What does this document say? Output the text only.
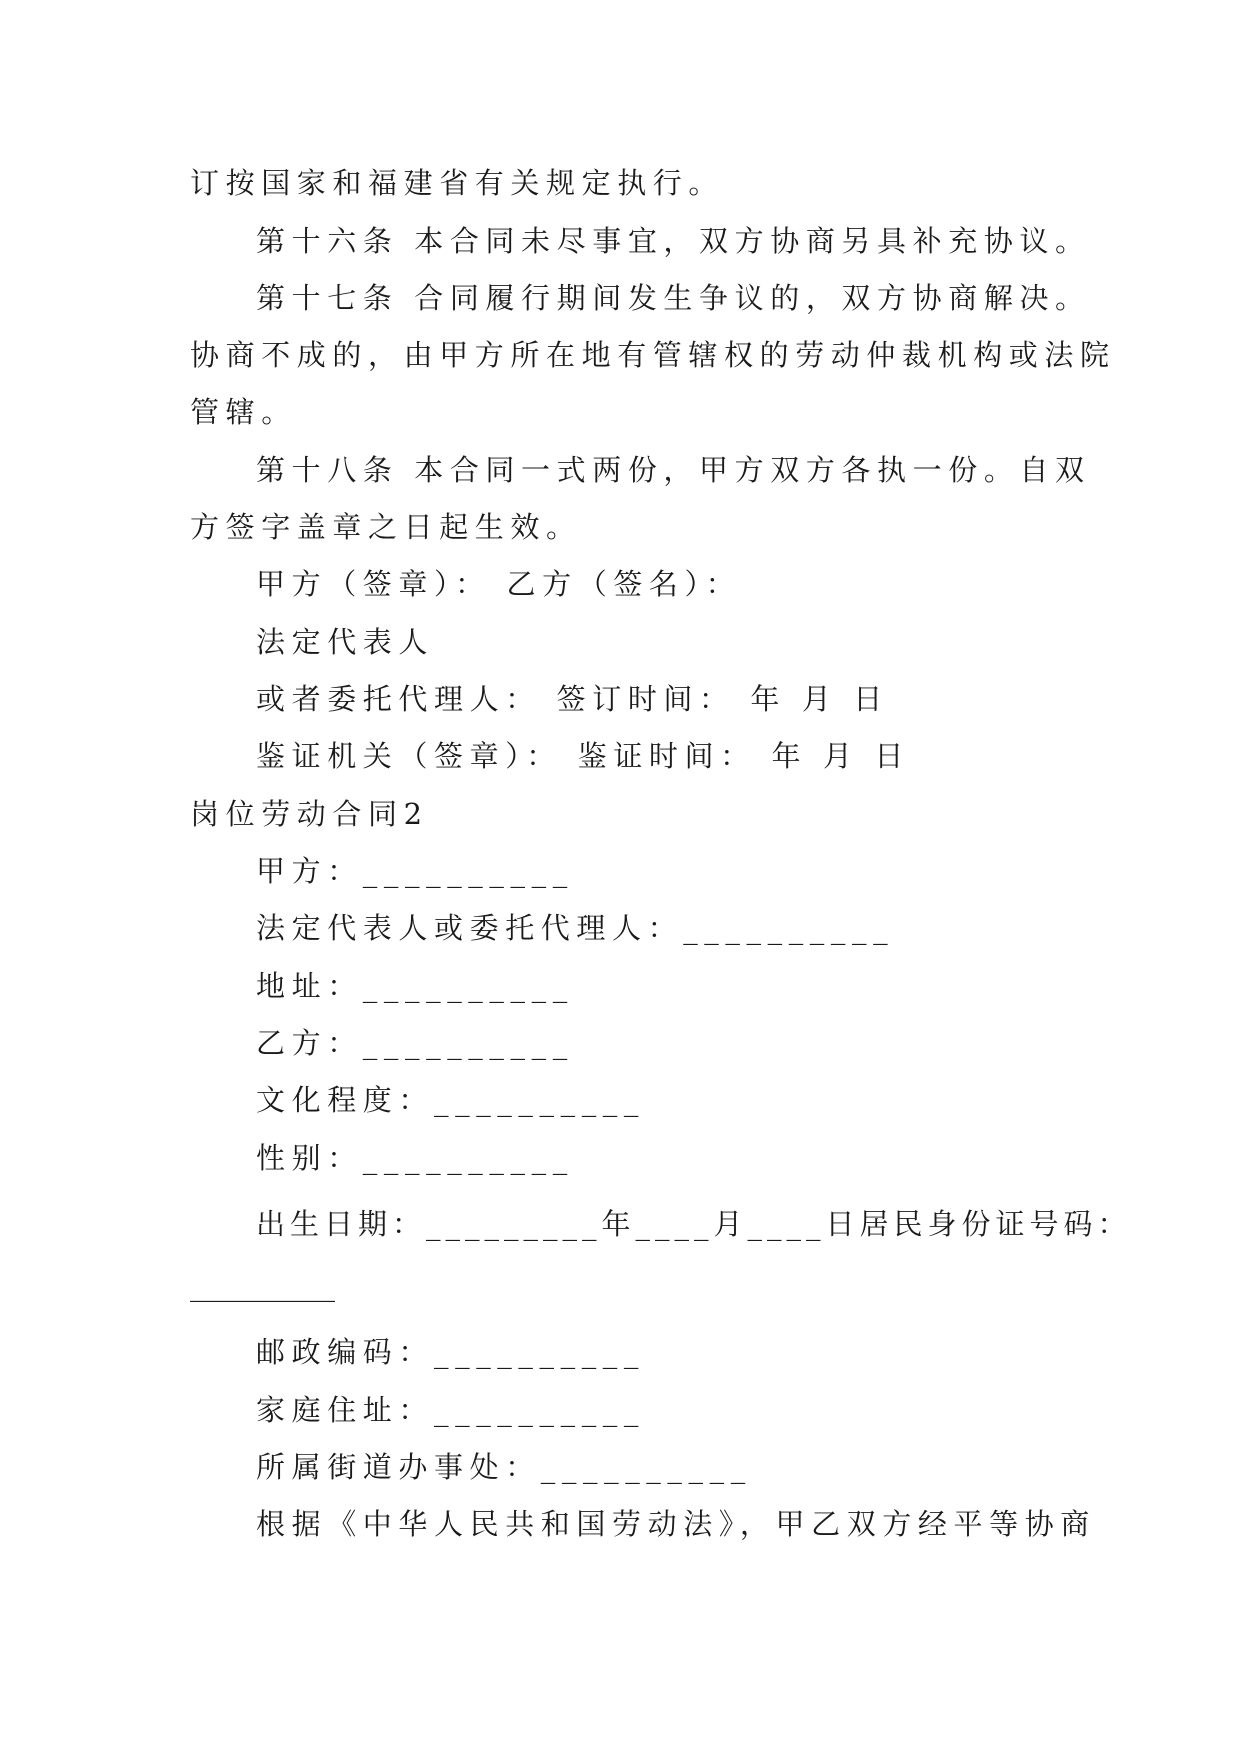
订按国家和福建省有关规定执行。
第十六条 本合同未尽事宜，双方协商另具补充协议。
第十七条 合同履行期间发生争议的，双方协商解决。
协商不成的，由甲方所在地有管辖权的劳动仲裁机构或法院
管辖。
第十八条 本合同一式两份，甲方双方各执一份。自双
方签字盖章之日起生效。
甲方（签章）： 乙方（签名）：
法定代表人
或者委托代理人： 签订时间： 年 月 日
鉴证机关（签章）： 鉴证时间： 年 月 日
岗位劳动合同2
甲方：__________
法定代表人或委托代理人：__________
地址：__________
乙方：__________
文化程度：__________
性别：__________
出生日期：_________年____月____日居民身份证号码：
__________
邮政编码：__________
家庭住址：__________
所属街道办事处：__________
根据《中华人民共和国劳动法》，甲乙双方经平等协商
